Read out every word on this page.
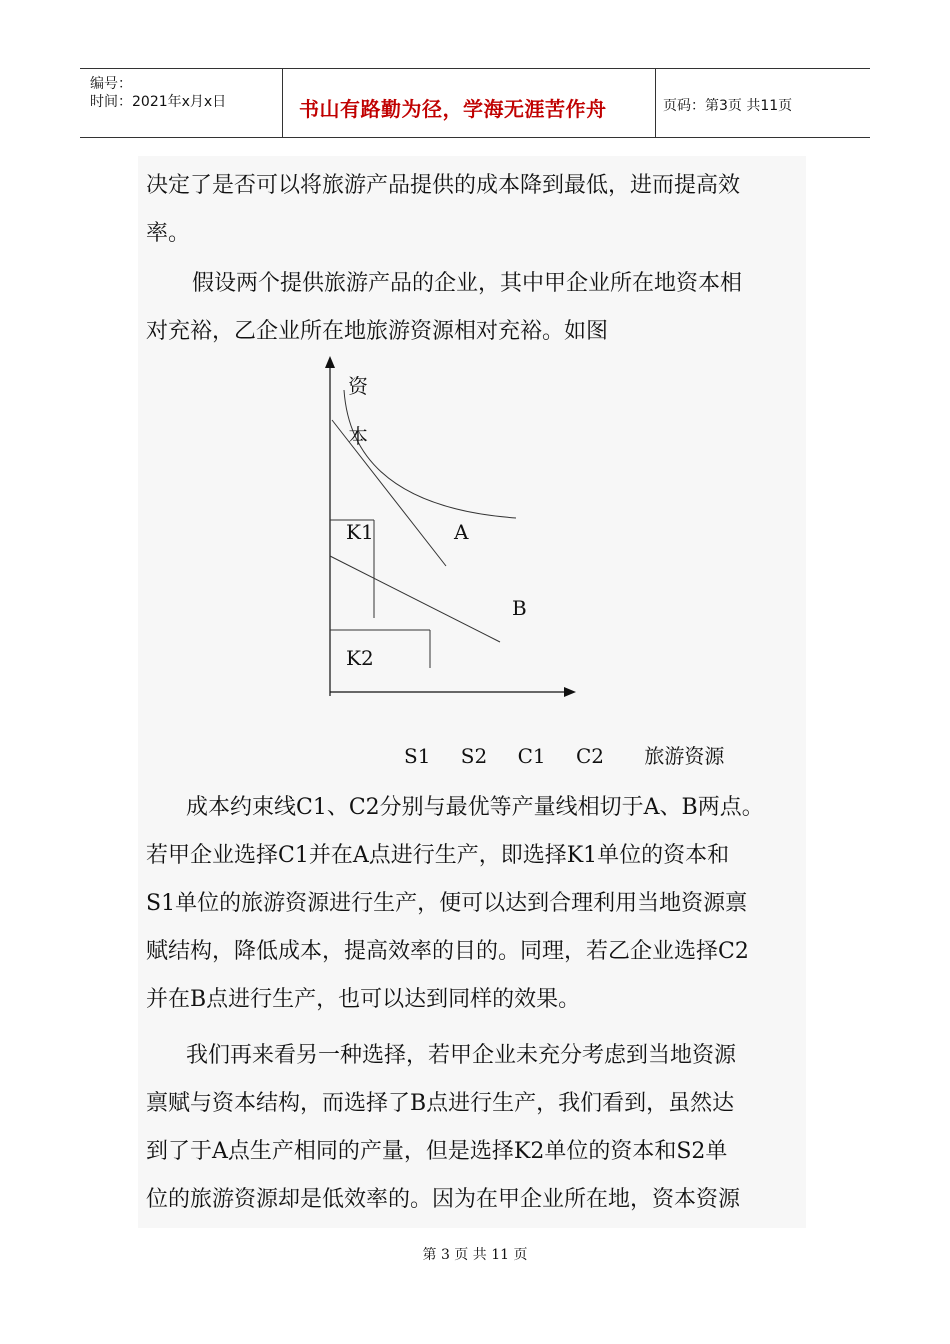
编号：
时间：2021年x月x日	书山有路勤为径，学海无涯苦作舟	页码：第3页 共11页
决定了是否可以将旅游产品提供的成本降到最低，进而提高效
率。
假设两个提供旅游产品的企业，其中甲企业所在地资本相
对充裕，乙企业所在地旅游资源相对充裕。如图
资
本
K1	A
B
K2
S1 S2 C1 C2 旅游资源
成本约束线C1、C2分别与最优等产量线相切于A、B两点。
若甲企业选择C1并在A点进行生产，即选择K1单位的资本和
S1单位的旅游资源进行生产，便可以达到合理利用当地资源禀
赋结构，降低成本，提高效率的目的。同理，若乙企业选择C2
并在B点进行生产，也可以达到同样的效果。
我们再来看另一种选择，若甲企业未充分考虑到当地资源
禀赋与资本结构，而选择了B点进行生产，我们看到，虽然达
到了于A点生产相同的产量，但是选择K2单位的资本和S2单
位的旅游资源却是低效率的。因为在甲企业所在地，资本资源
第 3 页 共 11 页
